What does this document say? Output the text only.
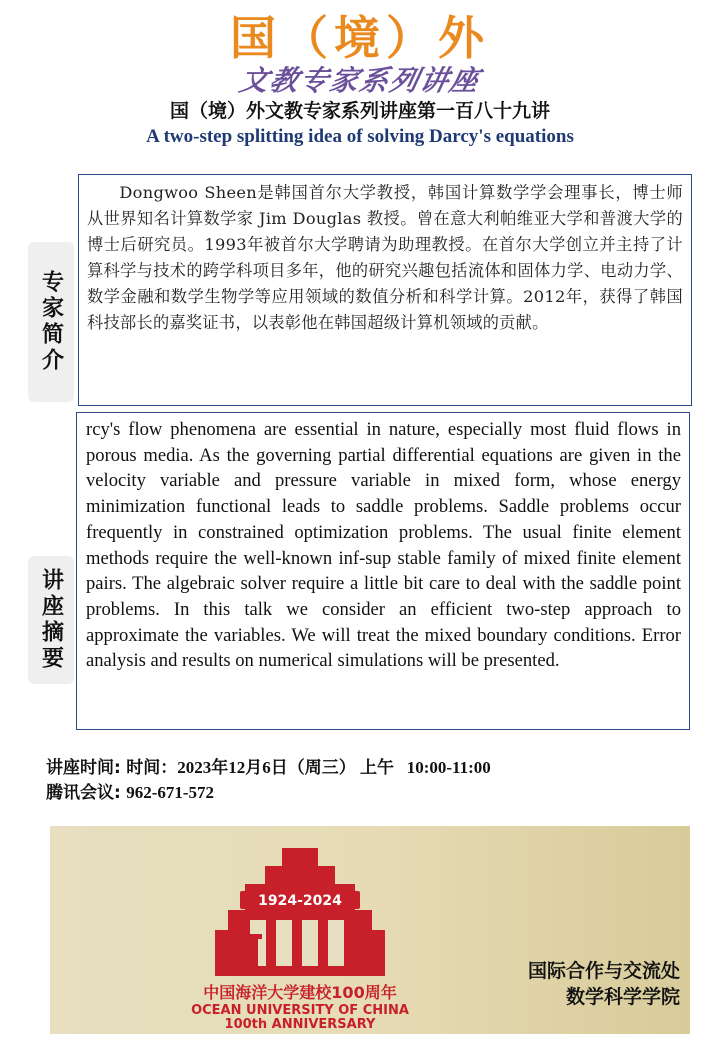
国（境）外
文教专家系列讲座
国（境）外文教专家系列讲座第一百八十九讲
A two-step splitting idea of solving Darcy's equations
专家简介

Dongwoo Sheen是韩国首尔大学教授，韩国计算数学学会理事长，博士师从世界知名计算数学家 Jim Douglas 教授。曾在意大利帕维亚大学和普渡大学的博士后研究员。1993年被首尔大学聘请为助理教授。在首尔大学创立并主持了计算科学与技术的跨学科项目多年，他的研究兴趣包括流体和固体力学、电动力学、数学金融和数学生物学等应用领域的数值分析和科学计算。2012年，获得了韩国科技部长的嘉奖证书，以表彰他在韩国超级计算机领域的贡献。

讲座摘要

rcy's flow phenomena are essential in nature, especially most fluid flows in porous media. As the governing partial differential equations are given in the velocity variable and pressure variable in mixed form, whose energy minimization functional leads to saddle problems. Saddle problems occur frequently in constrained optimization problems. The usual finite element methods require the well-known inf-sup stable family of mixed finite element pairs. The algebraic solver require a little bit care to deal with the saddle point problems. In this talk we consider an efficient two-step approach to approximate the variables. We will treat the mixed boundary conditions. Error analysis and results on numerical simulations will be presented.

讲座时间: 时间：2023年12月6日（周三） 上午   10:00-11:00
腾讯会议: 962-671-572
1924-2024
中国海洋大学建校100周年
OCEAN UNIVERSITY OF CHINA
100th ANNIVERSARY
国际合作与交流处
数学科学学院
